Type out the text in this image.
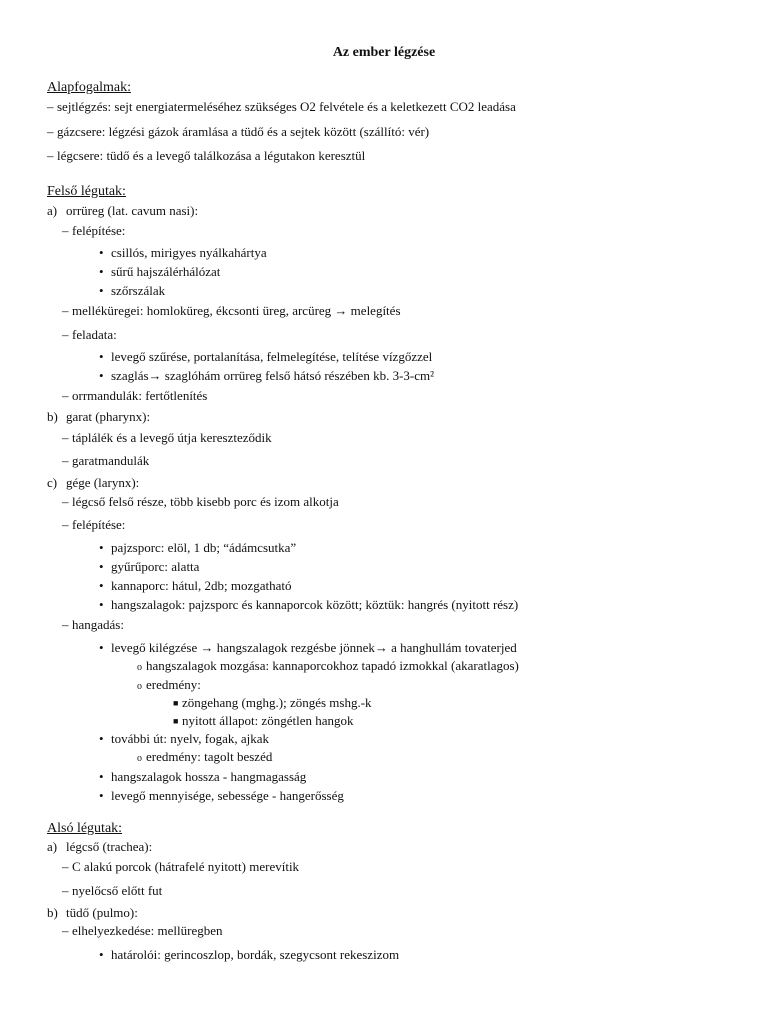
Az ember légzése
Alapfogalmak:
– sejtlégzés: sejt energiatermeléséhez szükséges O2 felvétele és a keletkezett CO2 leadása
– gázcsere: légzési gázok áramlása a tüdő és a sejtek között (szállító: vér)
– légcsere: tüdő és a levegő találkozása a légutakon keresztül
Felső légutak:
a) orrüreg (lat. cavum nasi):
– felépítése:
• csillós, mirigyes nyálkahártya
• sűrű hajszálérhálózat
• szőrszálak
– melléküregei: homloküreg, ékcsonti üreg, arcüreg → melegítés
– feladata:
• levegő szűrése, portalanítása, felmelegítése, telítése vízgőzzel
• szaglás→ szaglóhám orrüreg felső hátsó részében kb. 3-3-cm²
– orrmandulák: fertőtlenítés
b) garat (pharynx):
– táplálék és a levegő útja kereszteződik
– garatmandulák
c) gége (larynx):
– légcső felső része, több kisebb porc és izom alkotja
– felépítése:
• pajzsporc: elöl, 1 db; “ádámcsutka”
• gyűrűporc: alatta
• kannaporc: hátul, 2db; mozgatható
• hangszalagok: pajzsporc és kannaporcok között; köztük: hangrés (nyitott rész)
– hangadás:
• levegő kilégzése → hangszalagok rezgésbe jönnek→ a hanghullám tovaterjed
o hangszalagok mozgása: kannaporcokhoz tapadó izmokkal (akaratlagos)
o eredmény:
■ zöngehang (mghg.); zöngés mshg.-k
■ nyitott állapot: zöngétlen hangok
• további út: nyelv, fogak, ajkak
o eredmény: tagolt beszéd
• hangszalagok hossza - hangmagasság
• levegő mennyisége, sebessége - hangerősség
Alsó légutak:
a) légcső (trachea):
– C alakú porcok (hátrafelé nyitott) merevítik
– nyelőcső előtt fut
b) tüdő (pulmo):
– elhelyezkedése: mellüregben
• határolói: gerincoszlop, bordák, szegycsont rekeszizom
